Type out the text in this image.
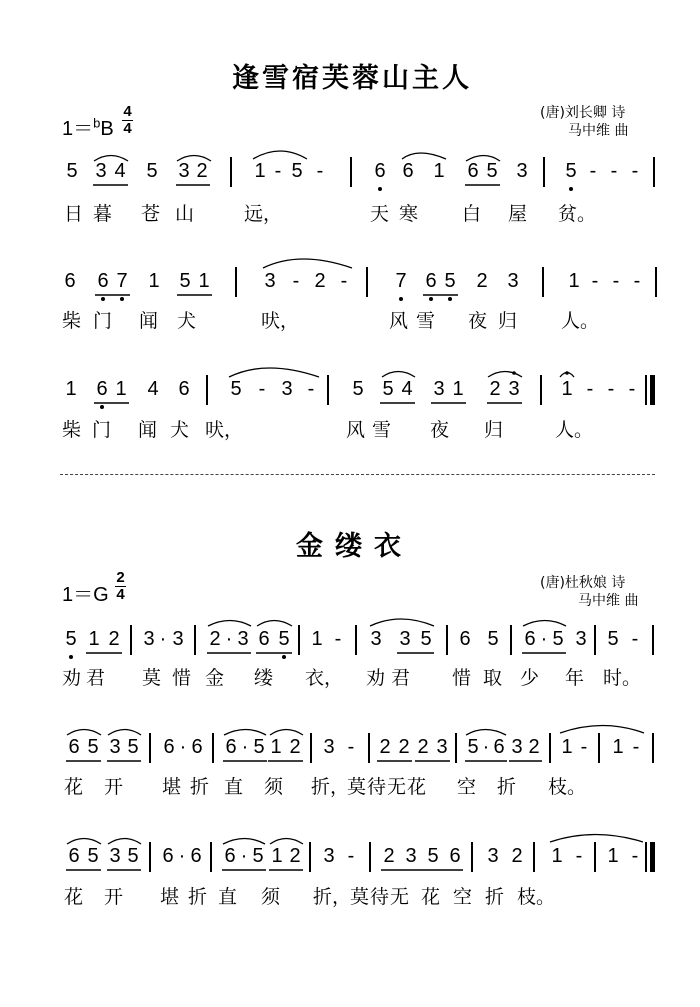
逢雪宿芙蓉山主人
1＝$^b$B
4
4
(唐)刘长卿 诗
马中维 曲
5 3 4 5 3 2 1 - 5 -	6 6 1 6 5 3 5 - - -
日 暮 苍 山	远，	天 寒 白 屋 贫。
6 6 7 1 5 1	3 - 2 - 7 6 5 2 3 1 - - -
柴 门 闻 犬	吠，	风 雪 夜 归 人。
1 6 1 4 6 5 - 3 - 5 5 4 3 1 2 3 1 - - -
柴 门 闻 犬 吠，	风 雪 夜 归	人。
金缕衣
1＝G
2
4
(唐)杜秋娘 诗
马中维 曲
5 1 2 3 · 3 2 · 3 6 5 1 - 3 3 5 6 5 6 · 5 3 5 -
劝 君 莫 惜 金 缕 衣， 劝 君 惜 取 少 年 时。
6 5 3 5 6 · 6 6 · 5 1 2 3 - 2 2 2 3 5 · 6 3 2 1 - 1 -
花 开 堪 折 直 须 折，
莫 待 无 花 空 折 枝。
6 5 3 5 6 · 6 6 · 5 1 2 3 - 2 3 5 6 3 2 1 - 1 -
花 开 堪 折 直 须 折，
莫 待 无 花 空 折 枝。
